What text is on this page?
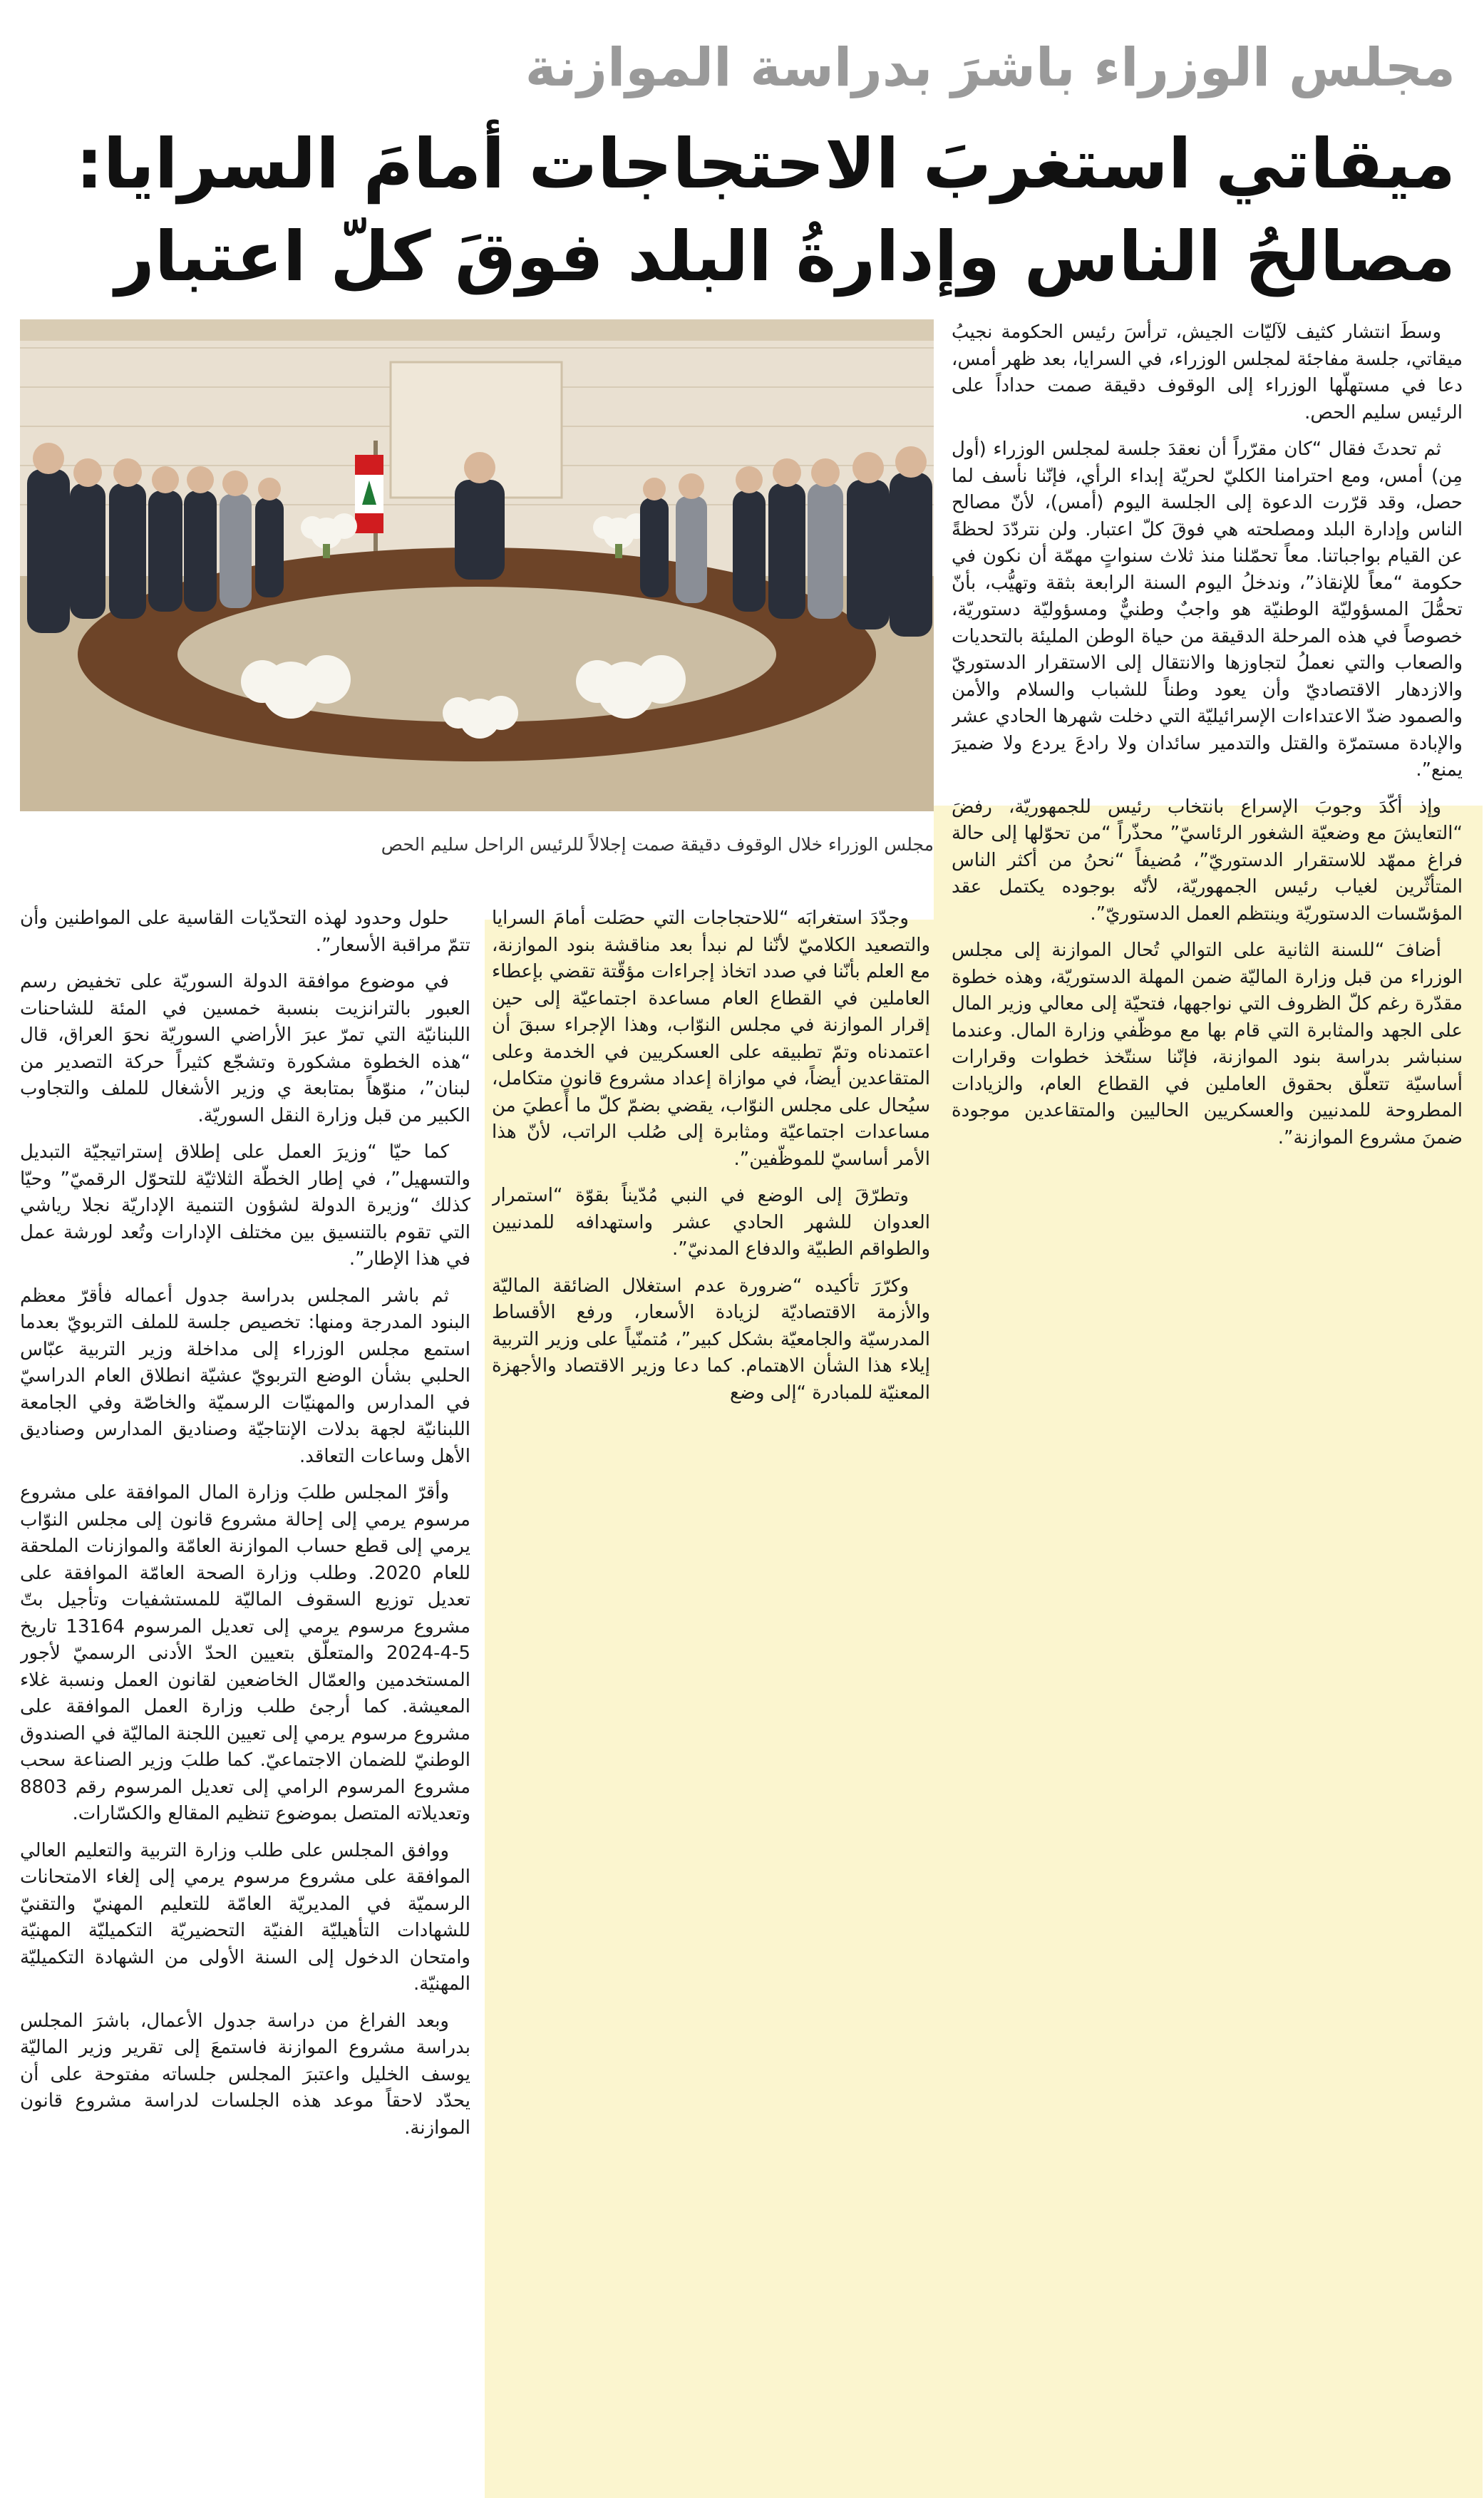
مجلس الوزراء باشرَ بدراسة الموازنة
ميقاتي استغربَ الاحتجاجات أمامَ السرايا:
مصالحُ الناس وإدارةُ البلد فوقَ كلّ اعتبار
مجلس الوزراء خلال الوقوف دقيقة صمت إجلالاً للرئيس الراحل سليم الحص

وسطَ انتشار كثيف لآليّات الجيش، ترأسَ رئيس الحكومة نجيبُ ميقاتي، جلسة مفاجئة لمجلس الوزراء، في السرايا، بعد ظهر أمس، دعا في مستهلّها الوزراء إلى الوقوف دقيقة صمت حداداً على الرئيس سليم الحص.

ثم تحدثَ فقال “كان مقرّراً أن نعقدَ جلسة لمجلس الوزراء (أول مِن) أمس، ومع احترامنا الكليّ لحريّة إبداء الرأي، فإنّنا نأسف لما حصل، وقد قرّرت الدعوة إلى الجلسة اليوم (أمس)، لأنّ مصالح الناس وإدارة البلد ومصلحته هي فوقَ كلّ اعتبار. ولن نتردّدَ لحظةً عن القيام بواجباتنا. معاً تحمّلنا منذ ثلاث سنواتٍ مهمّة أن نكون في حكومة “معاً للإنقاذ”، وندخلُ اليوم السنة الرابعة بثقة وتهيُّب، بأنّ تحمُّلَ المسؤوليّة الوطنيّة هو واجبٌ وطنيٌّ ومسؤوليّة دستوريّة، خصوصاً في هذه المرحلة الدقيقة من حياة الوطن المليئة بالتحديات والصعاب والتي نعملُ لتجاوزها والانتقال إلى الاستقرار الدستوريّ والازدهار الاقتصاديّ وأن يعود وطناً للشباب والسلام والأمن والصمود ضدّ الاعتداءات الإسرائيليّة التي دخلت شهرها الحادي عشر والإبادة مستمرّة والقتل والتدمير سائدان ولا رادعَ يردع ولا ضميرَ يمنع”.

وإذ أكّدَ وجوبَ الإسراع بانتخاب رئيس للجمهوريّة، رفضَ “التعايشَ مع وضعيّة الشغور الرئاسيّ” محذّراً “من تحوّلها إلى حالة فراغ ممهّد للاستقرار الدستوريّ”، مُضيفاً “نحنُ من أكثر الناس المتأثّرين لغياب رئيس الجمهوريّة، لأنّه بوجوده يكتمل عقد المؤسّسات الدستوريّة وينتظم العمل الدستوريّ”.

أضافَ “للسنة الثانية على التوالي تُحال الموازنة إلى مجلس الوزراء من قبل وزارة الماليّة ضمن المهلة الدستوريّة، وهذه خطوة مقدّرة رغم كلّ الظروف التي نواجهها، فتحيّة إلى معالي وزير المال على الجهد والمثابرة التي قام بها مع موظّفي وزارة المال. وعندما سنباشر بدراسة بنود الموازنة، فإنّنا سنتّخذ خطوات وقرارات أساسيّة تتعلّق بحقوق العاملين في القطاع العام، والزيادات المطروحة للمدنيين والعسكريين الحاليين والمتقاعدين موجودة ضمنَ مشروع الموازنة”.

وجدّدَ استغرابَه “للاحتجاجات التي حصَلت أمامَ السرايا والتصعيد الكلاميّ لأنّنا لم نبدأ بعد مناقشة بنود الموازنة، مع العلم بأنّنا في صدد اتخاذ إجراءات مؤقّتة تقضي بإعطاء العاملين في القطاع العام مساعدة اجتماعيّة إلى حين إقرار الموازنة في مجلس النوّاب، وهذا الإجراء سبقَ أن اعتمدناه وتمّ تطبيقه على العسكريين في الخدمة وعلى المتقاعدين أيضاً، في موازاة إعداد مشروع قانونٍ متكامل، سيُحال على مجلس النوّاب، يقضي بضمّ كلّ ما أعطيَ من مساعدات اجتماعيّة ومثابرة إلى صُلب الراتب، لأنّ هذا الأمر أساسيّ للموظّفين”.

وتطرّقَ إلى الوضع في النبي مُدّيناً بقوّة “استمرار العدوان للشهر الحادي عشر واستهدافه للمدنيين والطواقم الطبيّة والدفاع المدنيّ”.

وكرّرَ تأكيده “ضرورة عدم استغلال الضائقة الماليّة والأزمة الاقتصاديّة لزيادة الأسعار، ورفع الأقساط المدرسيّة والجامعيّة بشكل كبير”، مُتمنّياً على وزير التربية إيلاء هذا الشأن الاهتمام. كما دعا وزير الاقتصاد والأجهزة المعنيّة للمبادرة “إلى وضع

حلول وحدود لهذه التحدّيات القاسية على المواطنين وأن تتمّ مراقبة الأسعار”.

في موضوع موافقة الدولة السوريّة على تخفيض رسم العبور بالترانزيت بنسبة خمسين في المئة للشاحنات اللبنانيّة التي تمرّ عبرَ الأراضي السوريّة نحوَ العراق، قال “هذه الخطوة مشكورة وتشجّع كثيراً حركة التصدير من لبنان”، منوّهاً بمتابعة ي وزير الأشغال للملف والتجاوب الكبير من قبل وزارة النقل السوريّة.

كما حيّا “وزيرَ العمل على إطلاق إستراتيجيّة التبديل والتسهيل”، في إطار الخطّة الثلاثيّة للتحوّل الرقميّ” وحيّا كذلك “وزيرة الدولة لشؤون التنمية الإداريّة نجلا رياشي التي تقوم بالتنسيق بين مختلف الإدارات وتُعد لورشة عمل في هذا الإطار”.

ثم باشر المجلس بدراسة جدول أعماله فأقرّ معظم البنود المدرجة ومنها: تخصيص جلسة للملف التربويّ بعدما استمع مجلس الوزراء إلى مداخلة وزير التربية عبّاس الحلبي بشأن الوضع التربويّ عشيّة انطلاق العام الدراسيّ في المدارس والمهنيّات الرسميّة والخاصّة وفي الجامعة اللبنانيّة لجهة بدلات الإنتاجيّة وصناديق المدارس وصناديق الأهل وساعات التعاقد.

وأقرّ المجلس طلبَ وزارة المال الموافقة على مشروع مرسوم يرمي إلى إحالة مشروع قانون إلى مجلس النوّاب يرمي إلى قطع حساب الموازنة العامّة والموازنات الملحقة للعام 2020. وطلب وزارة الصحة العامّة الموافقة على تعديل توزيع السقوف الماليّة للمستشفيات وتأجيل بتّ مشروع مرسوم يرمي إلى تعديل المرسوم 13164 تاريخ 5-4-2024 والمتعلّق بتعيين الحدّ الأدنى الرسميّ لأجور المستخدمين والعمّال الخاضعين لقانون العمل ونسبة غلاء المعيشة. كما أرجئ طلب وزارة العمل الموافقة على مشروع مرسوم يرمي إلى تعيين اللجنة الماليّة في الصندوق الوطنيّ للضمان الاجتماعيّ. كما طلبَ وزير الصناعة سحب مشروع المرسوم الرامي إلى تعديل المرسوم رقم 8803 وتعديلاته المتصل بموضوع تنظيم المقالع والكسّارات.

ووافق المجلس على طلب وزارة التربية والتعليم العالي الموافقة على مشروع مرسوم يرمي إلى إلغاء الامتحانات الرسميّة في المديريّة العامّة للتعليم المهنيّ والتقنيّ للشهادات التأهيليّة الفنيّة التحضيريّة التكميليّة المهنيّة وامتحان الدخول إلى السنة الأولى من الشهادة التكميليّة المهنيّة.

وبعد الفراغ من دراسة جدول الأعمال، باشرَ المجلس بدراسة مشروع الموازنة فاستمعَ إلى تقرير وزير الماليّة يوسف الخليل واعتبرَ المجلس جلساته مفتوحة على أن يحدّد لاحقاً موعد هذه الجلسات لدراسة مشروع قانون الموازنة.
